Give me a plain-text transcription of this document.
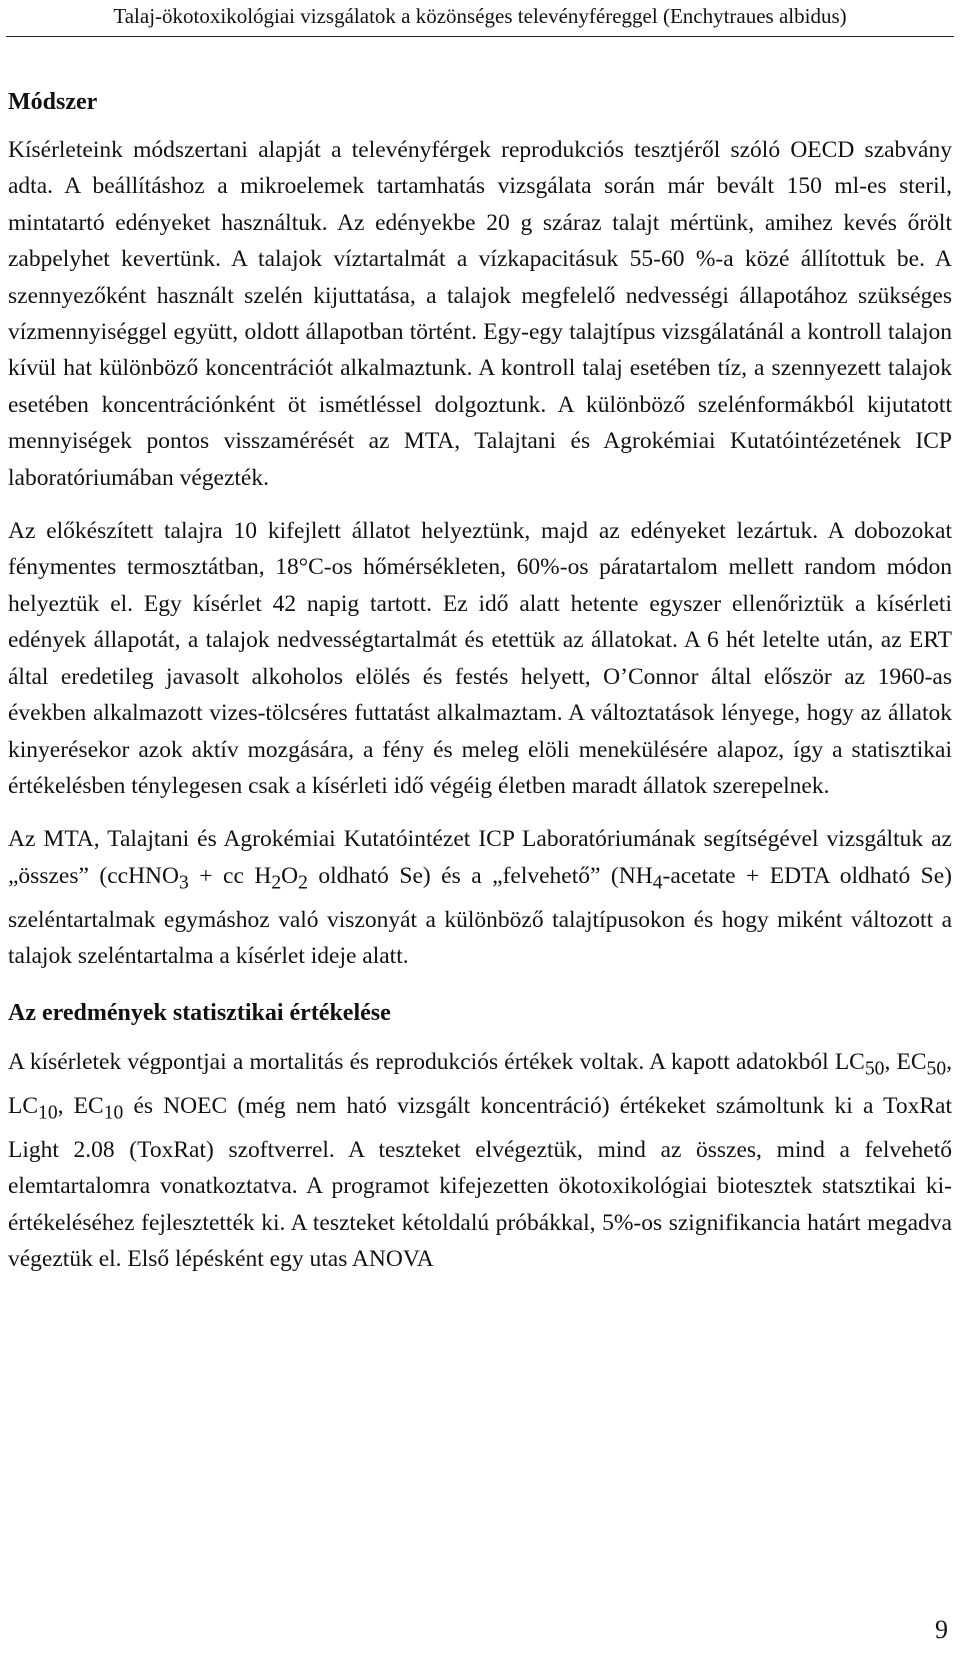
Talaj-ökotoxikológiai vizsgálatok a közönséges televényféreggel (Enchytraues albidus)
Módszer

Kísérleteink módszertani alapját a televényférgek reprodukciós tesztjéről szóló OECD szabvány adta. A beállításhoz a mikroelemek tartamhatás vizsgálata során már bevált 150 ml-es steril, mintatartó edényeket használtuk. Az edényekbe 20 g száraz talajt mértünk, amihez kevés őrölt zabpelyhet kevertünk. A talajok víztartalmát a vízkapacitásuk 55-60 %-a közé állítottuk be. A szennyezőként használt szelén kijuttatása, a talajok megfelelő nedvességi állapotához szükséges vízmennyiséggel együtt, oldott állapotban történt. Egy-egy talajtípus vizsgálatánál a kontroll talajon kívül hat különböző koncentrációt alkalmaztunk. A kontroll talaj esetében tíz, a szennyezett talajok esetében koncentrációnként öt ismétléssel dolgoztunk. A különböző szelénformákból kijutatott mennyiségek pontos visszamérését az MTA, Talajtani és Agrokémiai Kutatóintézetének ICP laboratóriumában végezték.

Az előkészített talajra 10 kifejlett állatot helyeztünk, majd az edényeket lezártuk. A dobozokat fénymentes termosztátban, 18°C-os hőmérsékleten, 60%-os páratartalom mellett random módon helyeztük el. Egy kísérlet 42 napig tartott. Ez idő alatt hetente egyszer ellenőriztük a kísérleti edények állapotát, a talajok nedvességtartalmát és etettük az állatokat. A 6 hét letelte után, az ERT által eredetileg javasolt alkoholos elölés és festés helyett, O’Connor által először az 1960-as években alkalmazott vizes-tölcséres futtatást alkalmaztam. A változtatások lényege, hogy az állatok kinyerésekor azok aktív mozgására, a fény és meleg elöli menekülésére alapoz, így a statisztikai értékelésben ténylegesen csak a kísérleti idő végéig életben maradt állatok szerepelnek.

Az MTA, Talajtani és Agrokémiai Kutatóintézet ICP Laboratóriumának segítségével vizsgáltuk az „összes” (ccHNO$_3$ + cc $H_2O_2$ oldható Se) és a „felvehető” ($NH_4$-acetate + EDTA oldható Se) szeléntartalmak egymáshoz való viszonyát a különböző talajtípusokon és hogy miként változott a talajok szeléntartalma a kísérlet ideje alatt.

Az eredmények statisztikai értékelése

A kísérletek végpontjai a mortalitás és reprodukciós értékek voltak. A kapott adatokból $LC_{50}$, $EC_{50}$, $LC_{10}$, $EC_{10}$ és NOEC (még nem ható vizsgált koncentráció) értékeket számoltunk ki a ToxRat Light 2.08 (ToxRat) szoftverrel. A teszteket elvégeztük, mind az összes, mind a felvehető elemtartalomra vonatkoztatva. A programot kifejezetten ökotoxikológiai biotesztek statsztikai kiértékeléséhez fejlesztették ki. A teszteket kétoldalú próbákkal, 5%-os szignifikancia határt megadva végeztük el. Első lépésként egy utas ANOVA

9
